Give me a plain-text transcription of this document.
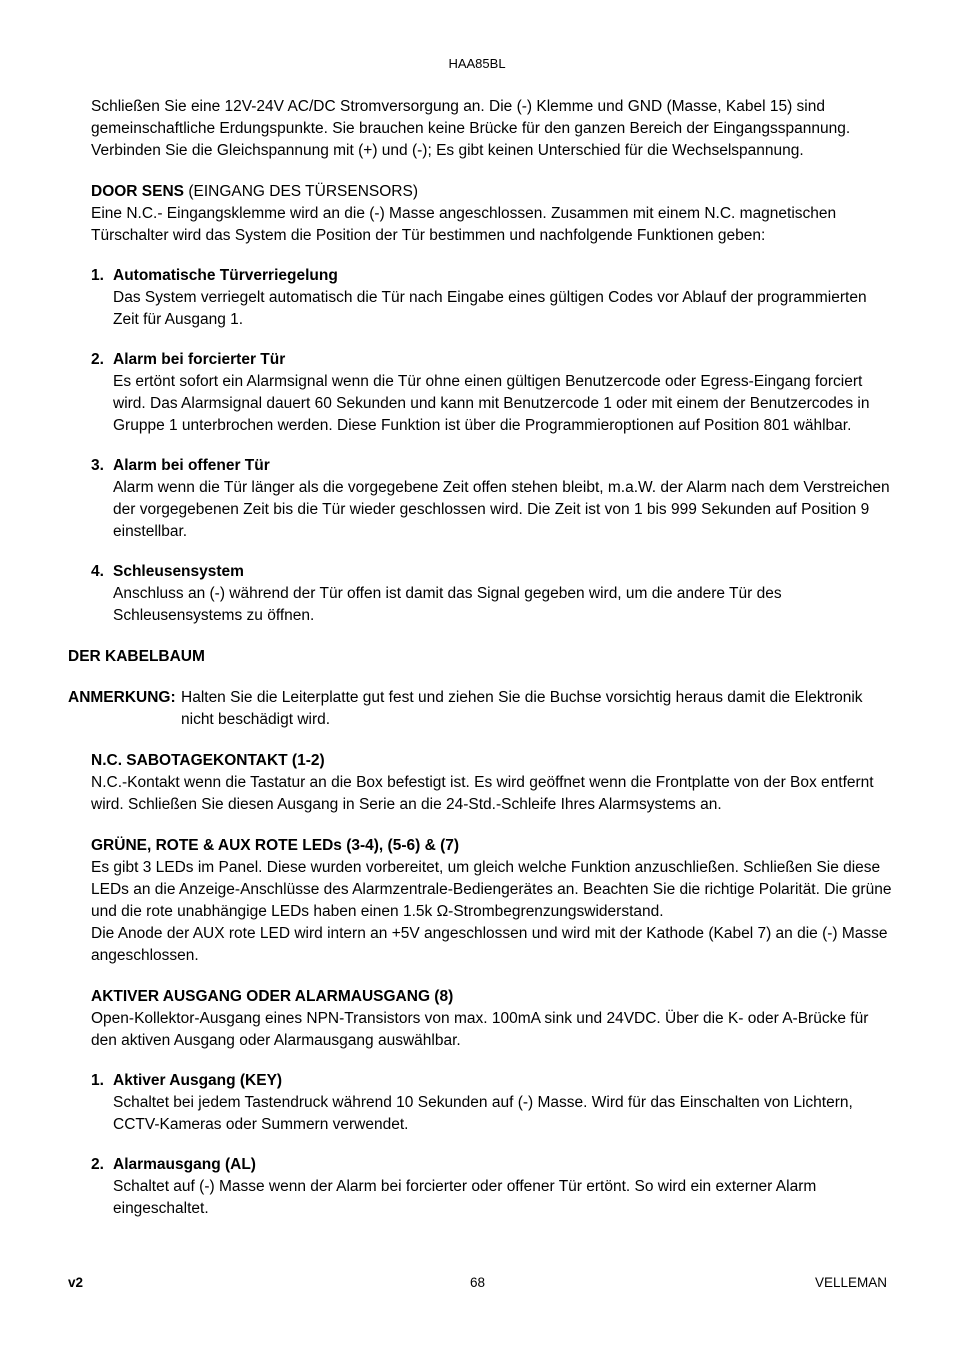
HAA85BL

Schließen Sie eine 12V-24V AC/DC Stromversorgung an. Die (-) Klemme und GND (Masse, Kabel 15) sind gemeinschaftliche Erdungspunkte. Sie brauchen keine Brücke für den ganzen Bereich der Eingangsspannung. Verbinden Sie die Gleichspannung mit (+) und (-); Es gibt keinen Unterschied für die Wechselspannung.

DOOR SENS (EINGANG DES TÜRSENSORS)

Eine N.C.- Eingangsklemme wird an die (-) Masse angeschlossen. Zusammen mit einem N.C. magnetischen Türschalter wird das System die Position der Tür bestimmen und nachfolgende Funktionen geben:

1. Automatische Türverriegelung

Das System verriegelt automatisch die Tür nach Eingabe eines gültigen Codes vor Ablauf der programmierten Zeit für Ausgang 1.

2. Alarm bei forcierter Tür

Es ertönt sofort ein Alarmsignal wenn die Tür ohne einen gültigen Benutzercode oder Egress-Eingang forciert wird. Das Alarmsignal dauert 60 Sekunden und kann mit Benutzercode 1 oder mit einem der Benutzercodes in Gruppe 1 unterbrochen werden. Diese Funktion ist über die Programmieroptionen auf Position 801 wählbar.

3. Alarm bei offener Tür

Alarm wenn die Tür länger als die vorgegebene Zeit offen stehen bleibt, m.a.W. der Alarm nach dem Verstreichen der vorgegebenen Zeit bis die Tür wieder geschlossen wird. Die Zeit ist von 1 bis 999 Sekunden auf Position 9 einstellbar.

4. Schleusensystem

Anschluss an (-) während der Tür offen ist damit das Signal gegeben wird, um die andere Tür des Schleusensystems zu öffnen.

DER KABELBAUM

ANMERKUNG: Halten Sie die Leiterplatte gut fest und ziehen Sie die Buchse vorsichtig heraus damit die Elektronik nicht beschädigt wird.

N.C. SABOTAGEKONTAKT (1-2)

N.C.-Kontakt wenn die Tastatur an die Box befestigt ist. Es wird geöffnet wenn die Frontplatte von der Box entfernt wird. Schließen Sie diesen Ausgang in Serie an die 24-Std.-Schleife Ihres Alarmsystems an.

GRÜNE, ROTE & AUX ROTE LEDs (3-4), (5-6) & (7)

Es gibt 3 LEDs im Panel. Diese wurden vorbereitet, um gleich welche Funktion anzuschließen. Schließen Sie diese LEDs an die Anzeige-Anschlüsse des Alarmzentrale-Bediengerätes an. Beachten Sie die richtige Polarität. Die grüne und die rote unabhängige LEDs haben einen 1.5k Ω-Strombegrenzungswiderstand.

Die Anode der AUX rote LED wird intern an +5V angeschlossen und wird mit der Kathode (Kabel 7) an die (-) Masse angeschlossen.

AKTIVER AUSGANG ODER ALARMAUSGANG (8)

Open-Kollektor-Ausgang eines NPN-Transistors von max. 100mA sink und 24VDC. Über die K- oder A-Brücke für den aktiven Ausgang oder Alarmausgang auswählbar.

1. Aktiver Ausgang (KEY)

Schaltet bei jedem Tastendruck während 10 Sekunden auf (-) Masse. Wird für das Einschalten von Lichtern, CCTV-Kameras oder Summern verwendet.

2. Alarmausgang (AL)

Schaltet auf (-) Masse wenn der Alarm bei forcierter oder offener Tür ertönt. So wird ein externer Alarm eingeschaltet.

v2	68	VELLEMAN
